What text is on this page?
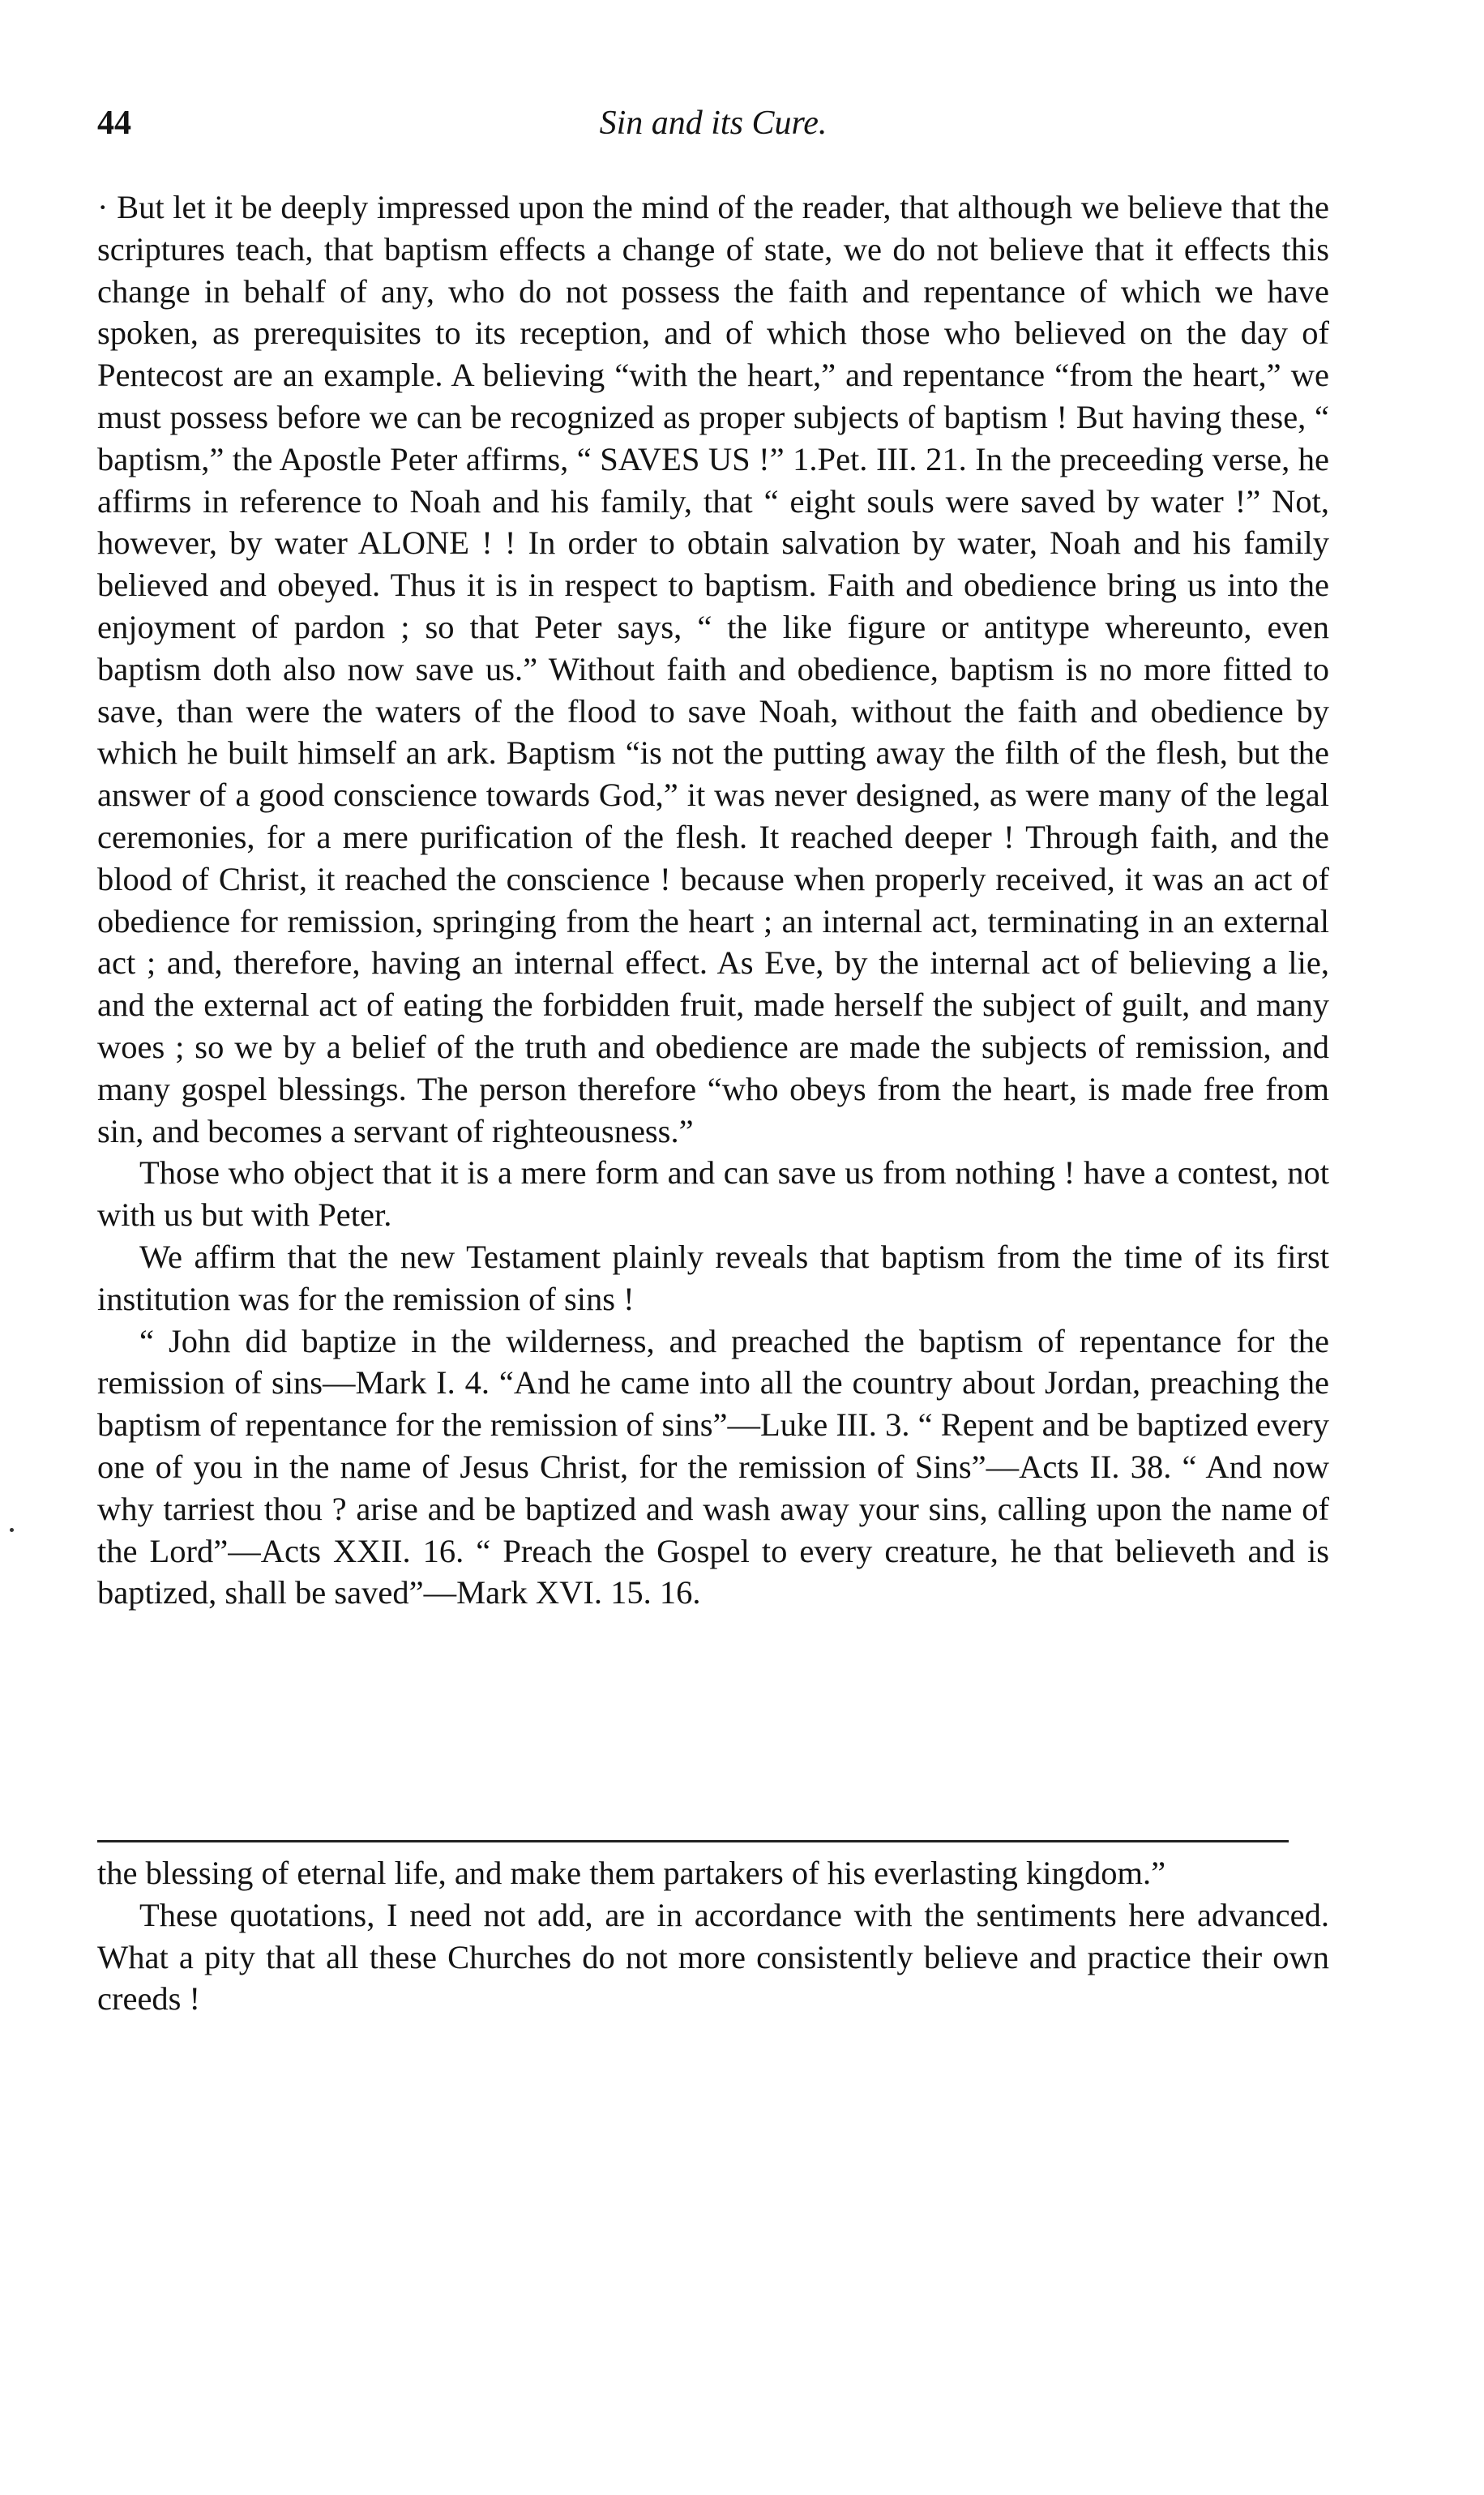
44	Sin and its Cure.

· But let it be deeply impressed upon the mind of the reader, that although we believe that the scriptures teach, that baptism effects a change of state, we do not believe that it effects this change in behalf of any, who do not possess the faith and repentance of which we have spoken, as prerequisites to its reception, and of which those who believed on the day of Pentecost are an example. A believing “with the heart,” and repentance “from the heart,” we must possess before we can be recognized as proper subjects of baptism ! But having these, “ baptism,” the Apostle Peter affirms, “ SAVES US !” 1.Pet. III. 21. In the preceeding verse, he affirms in reference to Noah and his family, that “ eight souls were saved by water !” Not, however, by water ALONE ! ! In order to obtain salvation by water, Noah and his family believed and obeyed. Thus it is in respect to baptism. Faith and obedience bring us into the enjoyment of pardon ; so that Peter says, “ the like figure or antitype whereunto, even baptism doth also now save us.” Without faith and obedience, baptism is no more fitted to save, than were the waters of the flood to save Noah, without the faith and obedience by which he built himself an ark. Baptism “is not the putting away the filth of the flesh, but the answer of a good conscience towards God,” it was never designed, as were many of the legal ceremonies, for a mere purification of the flesh. It reached deeper ! Through faith, and the blood of Christ, it reached the conscience ! because when properly received, it was an act of obedience for remission, springing from the heart ; an internal act, terminating in an external act ; and, therefore, having an internal effect. As Eve, by the internal act of believing a lie, and the external act of eating the forbidden fruit, made herself the subject of guilt, and many woes ; so we by a belief of the truth and obedience are made the subjects of remission, and many gospel blessings. The person therefore “who obeys from the heart, is made free from sin, and becomes a servant of righteousness.”

Those who object that it is a mere form and can save us from nothing ! have a contest, not with us but with Peter.

We affirm that the new Testament plainly reveals that baptism from the time of its first institution was for the remission of sins !

“ John did baptize in the wilderness, and preached the baptism of repentance for the remission of sins—Mark I. 4. “And he came into all the country about Jordan, preaching the baptism of repentance for the remission of sins”—Luke III. 3. “ Repent and be baptized every one of you in the name of Jesus Christ, for the remission of Sins”—Acts II. 38. “ And now why tarriest thou ? arise and be baptized and wash away your sins, calling upon the name of the Lord”—Acts XXII. 16. “ Preach the Gospel to every creature, he that believeth and is baptized, shall be saved”—Mark XVI. 15. 16.

the blessing of eternal life, and make them partakers of his everlasting kingdom.”

These quotations, I need not add, are in accordance with the sentiments here advanced. What a pity that all these Churches do not more consistently believe and practice their own creeds !
